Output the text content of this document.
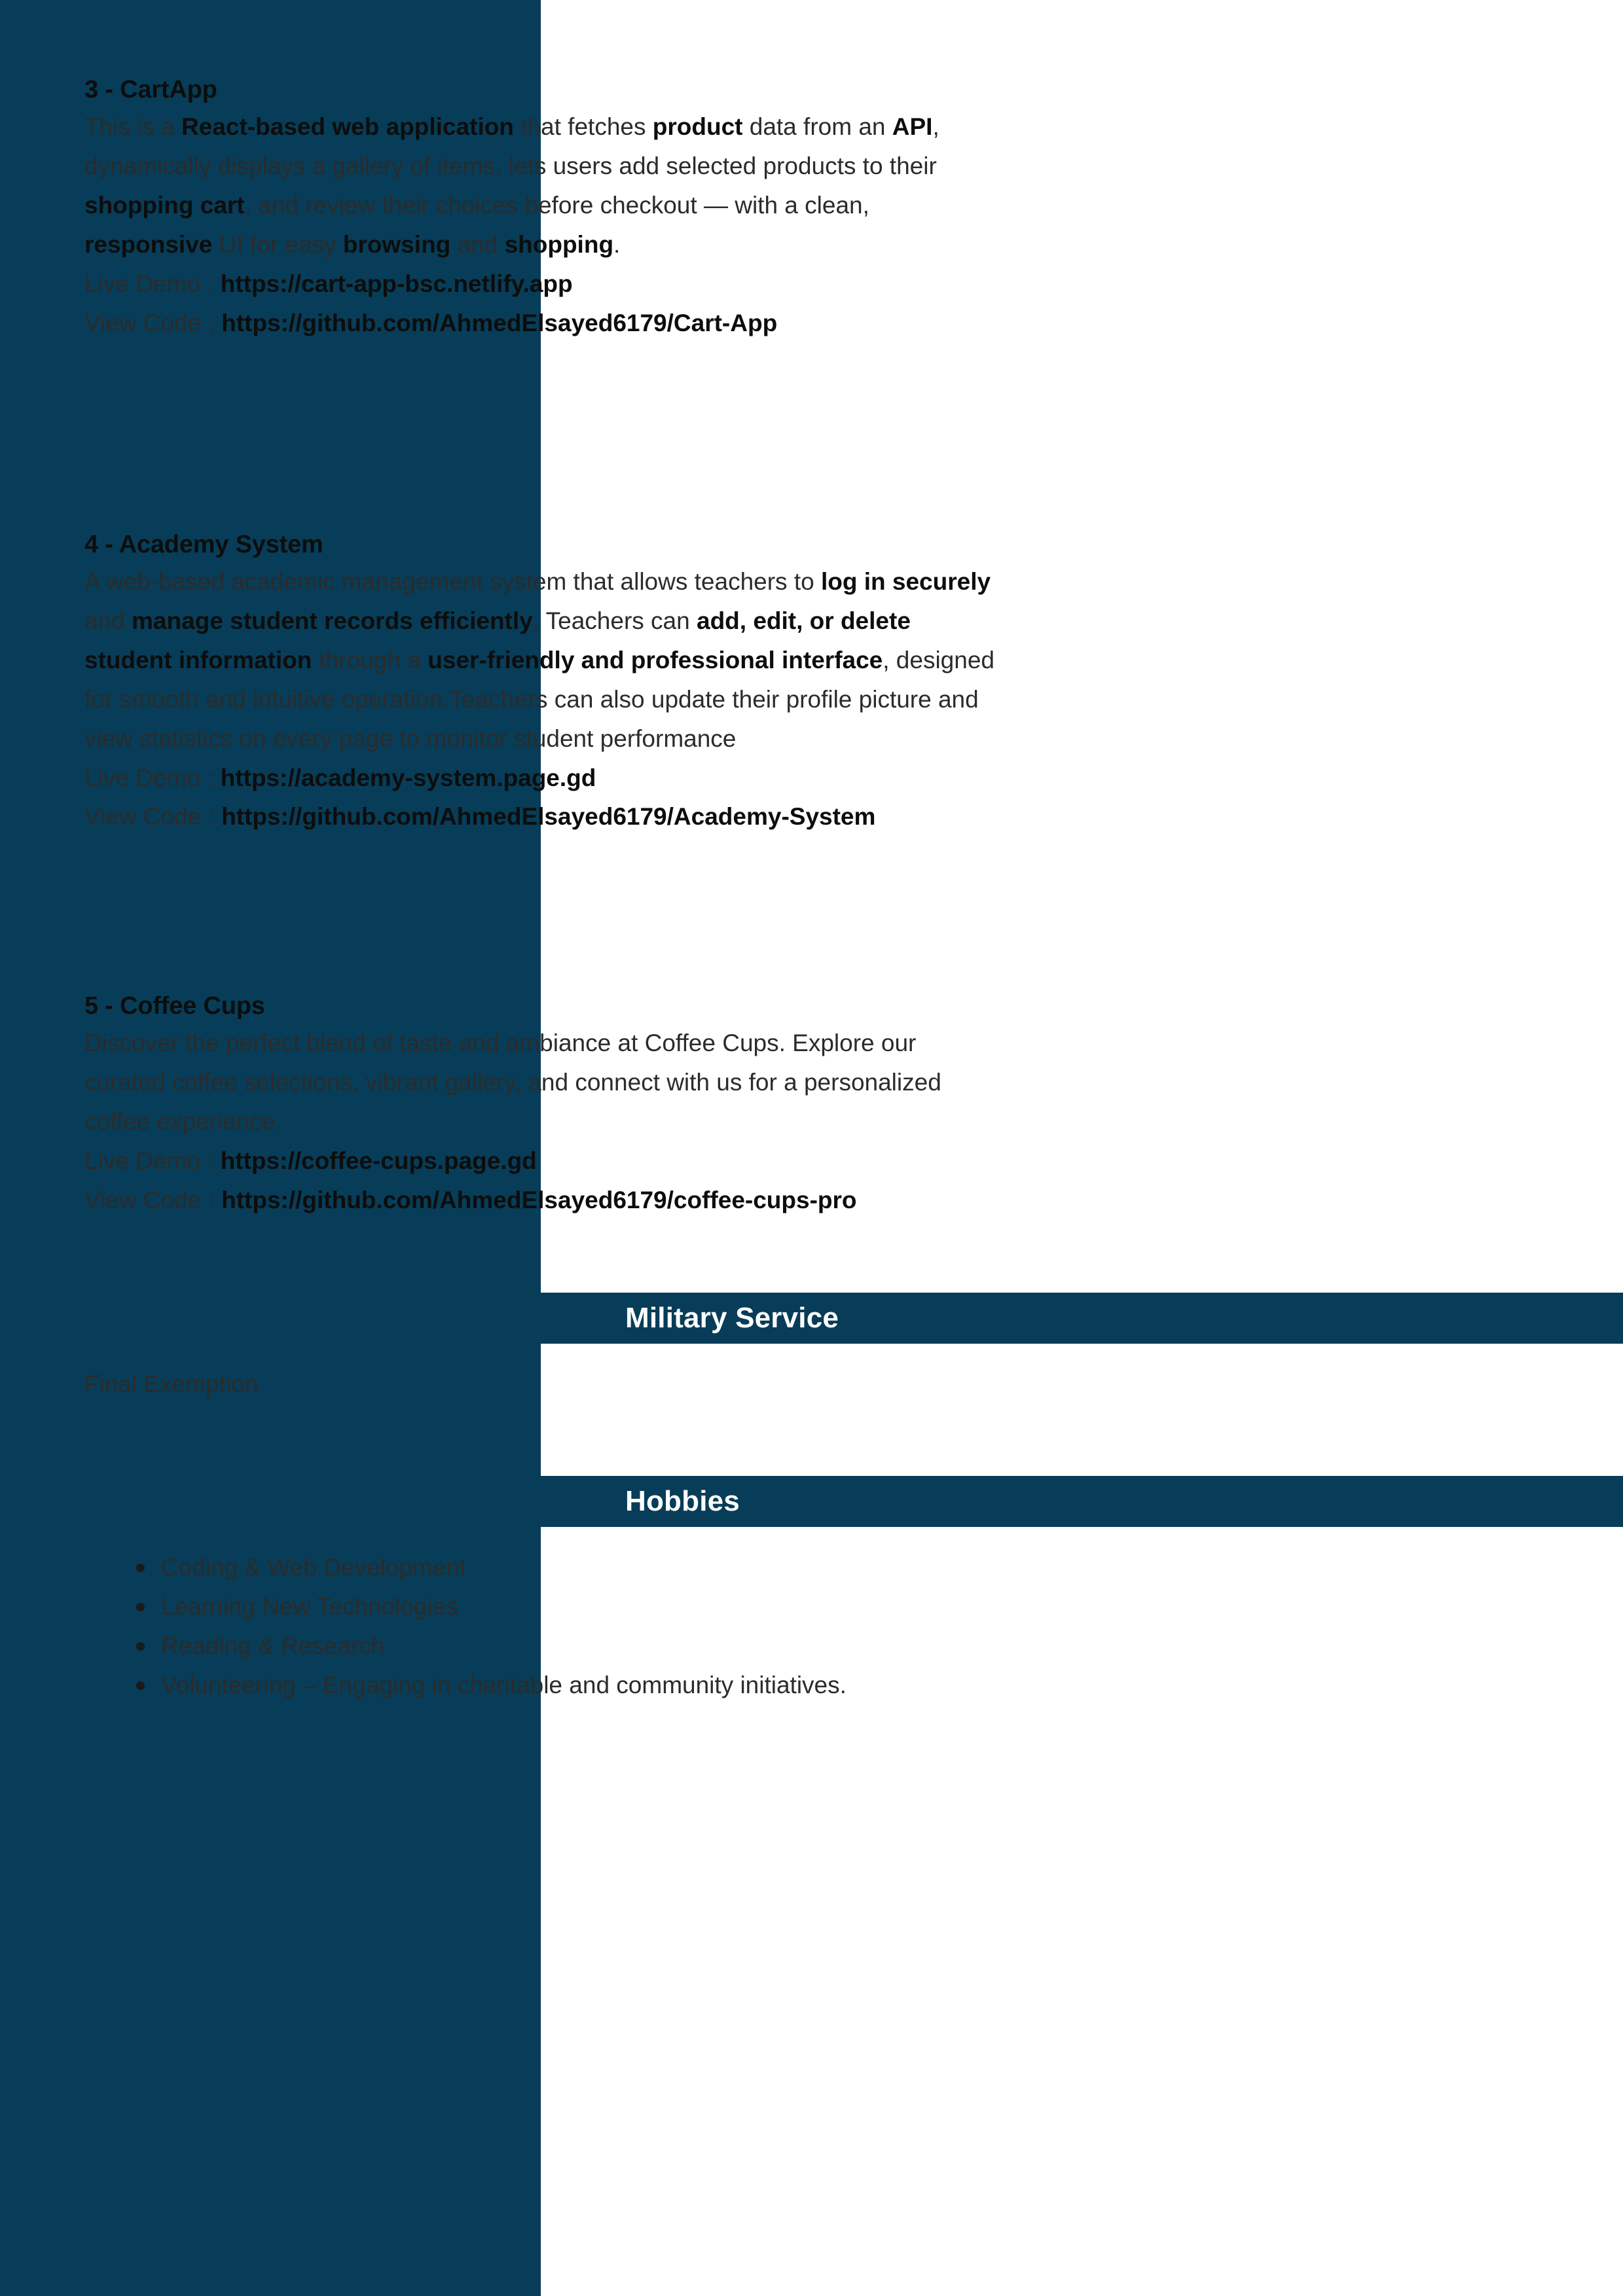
3 - CartApp

This is a React-based web application that fetches product data from an API, dynamically displays a gallery of items, lets users add selected products to their shopping cart, and review their choices before checkout — with a clean, responsive UI for easy browsing and shopping.

Live Demo : https://cart-app-bsc.netlify.app

View Code : https://github.com/AhmedElsayed6179/Cart-App

4 - Academy System

A web-based academic management system that allows teachers to log in securely and manage student records efficiently. Teachers can add, edit, or delete student information through a user-friendly and professional interface, designed for smooth and intuitive operation.Teachers can also update their profile picture and view statistics on every page to monitor student performance

Live Demo : https://academy-system.page.gd

View Code : https://github.com/AhmedElsayed6179/Academy-System

5 - Coffee Cups

Discover the perfect blend of taste and ambiance at Coffee Cups. Explore our curated coffee selections, vibrant gallery, and connect with us for a personalized coffee experience.

Live Demo : https://coffee-cups.page.gd

View Code : https://github.com/AhmedElsayed6179/coffee-cups-pro

Military Service

Final Exemption

Hobbies
Coding & Web Development
Learning New Technologies
Reading & Research
Volunteering – Engaging in charitable and community initiatives.
